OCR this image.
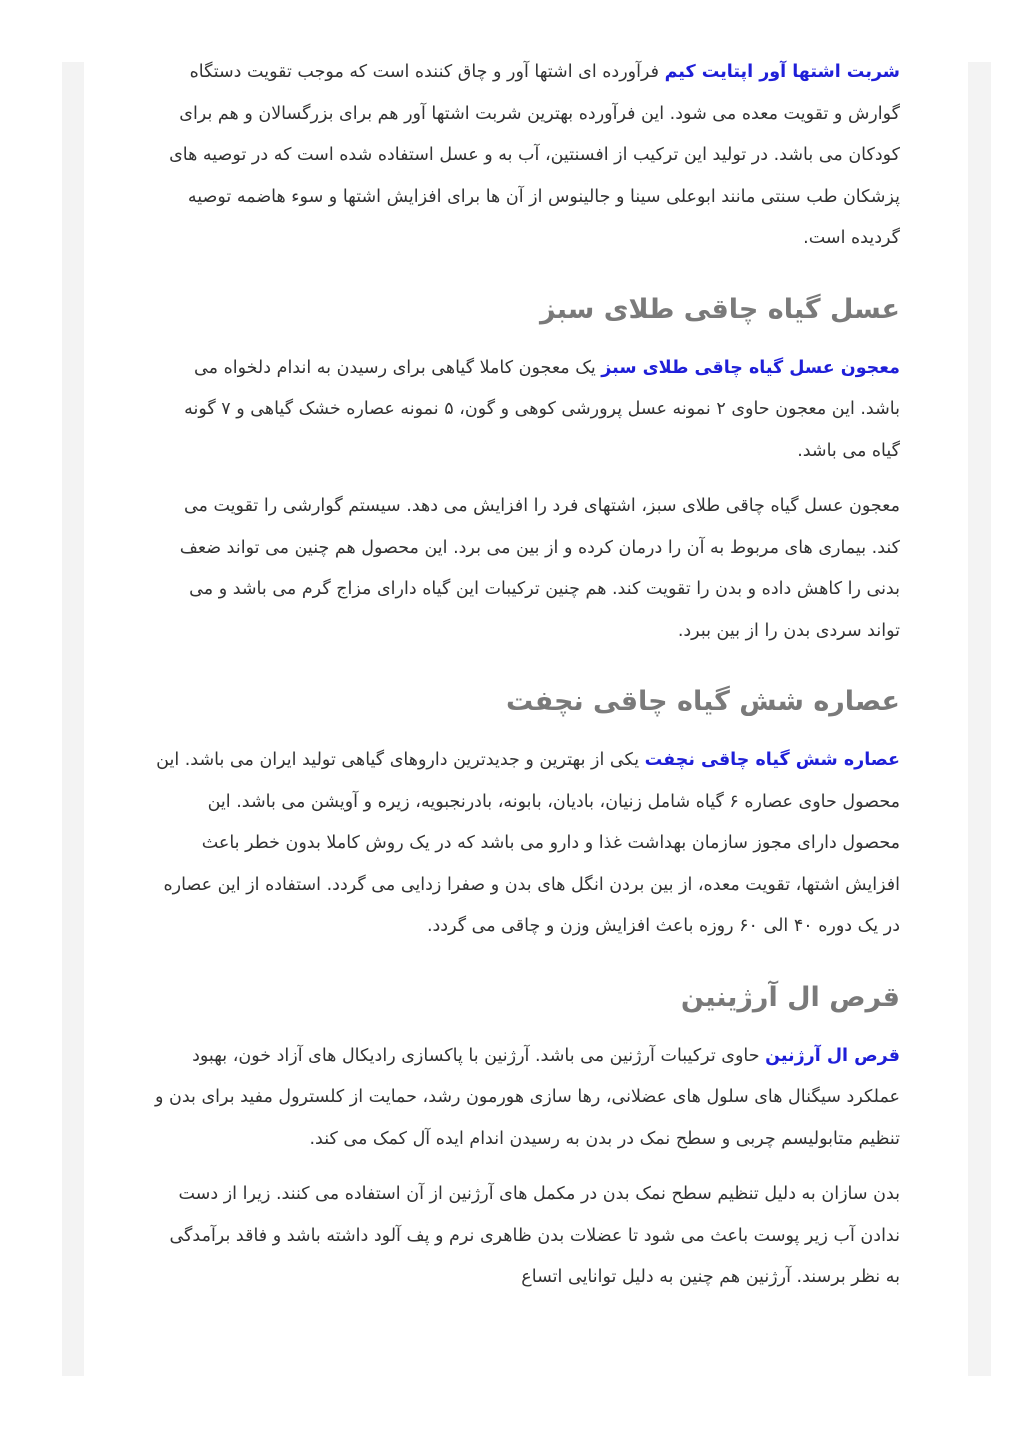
شربت اشتها آور اپتایت کیم فرآورده ای اشتها آور و چاق کننده است که موجب تقویت دستگاه گوارش و تقویت معده می شود. این فرآورده بهترین شربت اشتها آور هم برای بزرگسالان و هم برای کودکان می باشد. در تولید این ترکیب از افسنتین، آب به و عسل استفاده شده است که در توصیه های پزشکان طب سنتی مانند ابوعلی سینا و جالینوس از آن ها برای افزایش اشتها و سوء هاضمه توصیه گردیده است.

عسل گیاه چاقی طلای سبز

معجون عسل گیاه چاقی طلای سبز یک معجون کاملا گیاهی برای رسیدن به اندام دلخواه می باشد. این معجون حاوی ۲ نمونه عسل پرورشی کوهی و گون، ۵ نمونه عصاره خشک گیاهی و ۷ گونه گیاه می باشد.

معجون عسل گیاه چاقی طلای سبز، اشتهای فرد را افزایش می دهد. سیستم گوارشی را تقویت می کند. بیماری های مربوط به آن را درمان کرده و از بین می برد. این محصول هم چنین می تواند ضعف بدنی را کاهش داده و بدن را تقویت کند. هم چنین ترکیبات این گیاه دارای مزاج گرم می باشد و می تواند سردی بدن را از بین ببرد.

عصاره شش گیاه چاقی نچفت

عصاره شش گیاه چاقی نچفت یکی از بهترین و جدیدترین داروهای گیاهی تولید ایران می باشد. این محصول حاوی عصاره ۶ گیاه شامل زنیان، بادیان، بابونه، بادرنجبویه، زیره و آویشن می باشد. این محصول دارای مجوز سازمان بهداشت غذا و دارو می باشد که در یک روش کاملا بدون خطر باعث افزایش اشتها، تقویت معده، از بین بردن انگل های بدن و صفرا زدایی می گردد. استفاده از این عصاره در یک دوره ۴۰ الی ۶۰ روزه باعث افزایش وزن و چاقی می گردد.

قرص ال آرژینین

قرص ال آرژنین حاوی ترکیبات آرژنین می باشد. آرژنین با پاکسازی رادیکال های آزاد خون، بهبود عملکرد سیگنال های سلول های عضلانی، رها سازی هورمون رشد، حمایت از کلسترول مفید برای بدن و تنظیم متابولیسم چربی و سطح نمک در بدن به رسیدن اندام ایده آل کمک می کند.

بدن سازان به دلیل تنظیم سطح نمک بدن در مکمل های آرژنین از آن استفاده می کنند. زیرا از دست ندادن آب زیر پوست باعث می شود تا عضلات بدن ظاهری نرم و پف آلود داشته باشد و فاقد برآمدگی به نظر برسند. آرژنین هم چنین به دلیل توانایی اتساع
